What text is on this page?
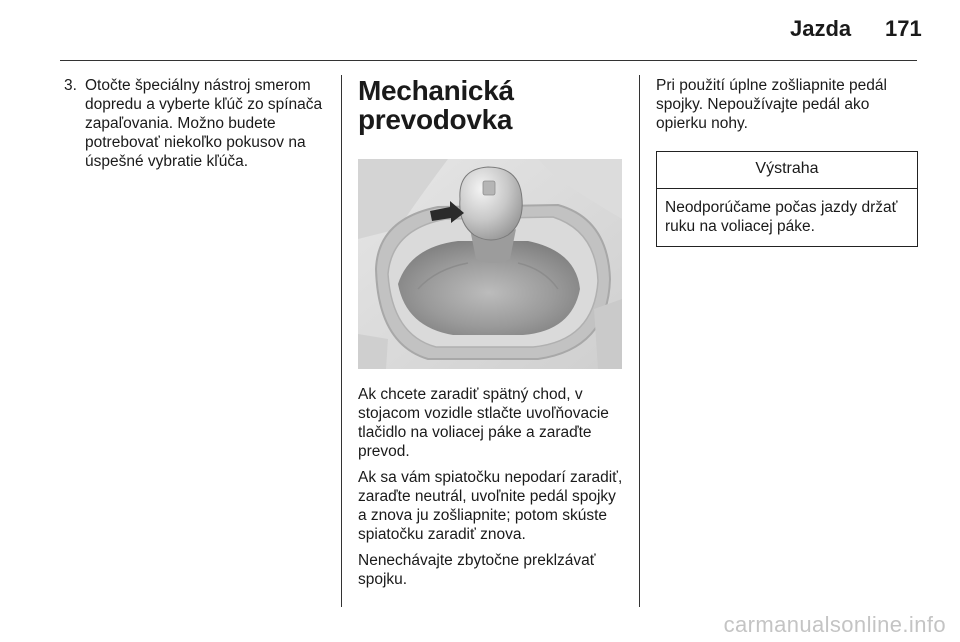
Jazda 171
3. Otočte špeciálny nástroj smerom dopredu a vyberte kľúč zo spínača zapaľovania. Možno budete potrebovať niekoľko pokusov na úspešné vybratie kľúča.
Mechanická
prevodovka

Ak chcete zaradiť spätný chod, v stojacom vozidle stlačte uvoľňovacie tlačidlo na voliacej páke a zaraďte prevod.

Ak sa vám spiatočku nepodarí zaradiť, zaraďte neutrál, uvoľnite pedál spojky a znova ju zošliapnite; potom skúste spiatočku zaradiť znova.

Nenechávajte zbytočne preklzávať spojku.

Pri použití úplne zošliapnite pedál spojky. Nepoužívajte pedál ako opierku nohy.

Výstraha
Neodporúčame počas jazdy držať ruku na voliacej páke.
carmanualsonline.info
